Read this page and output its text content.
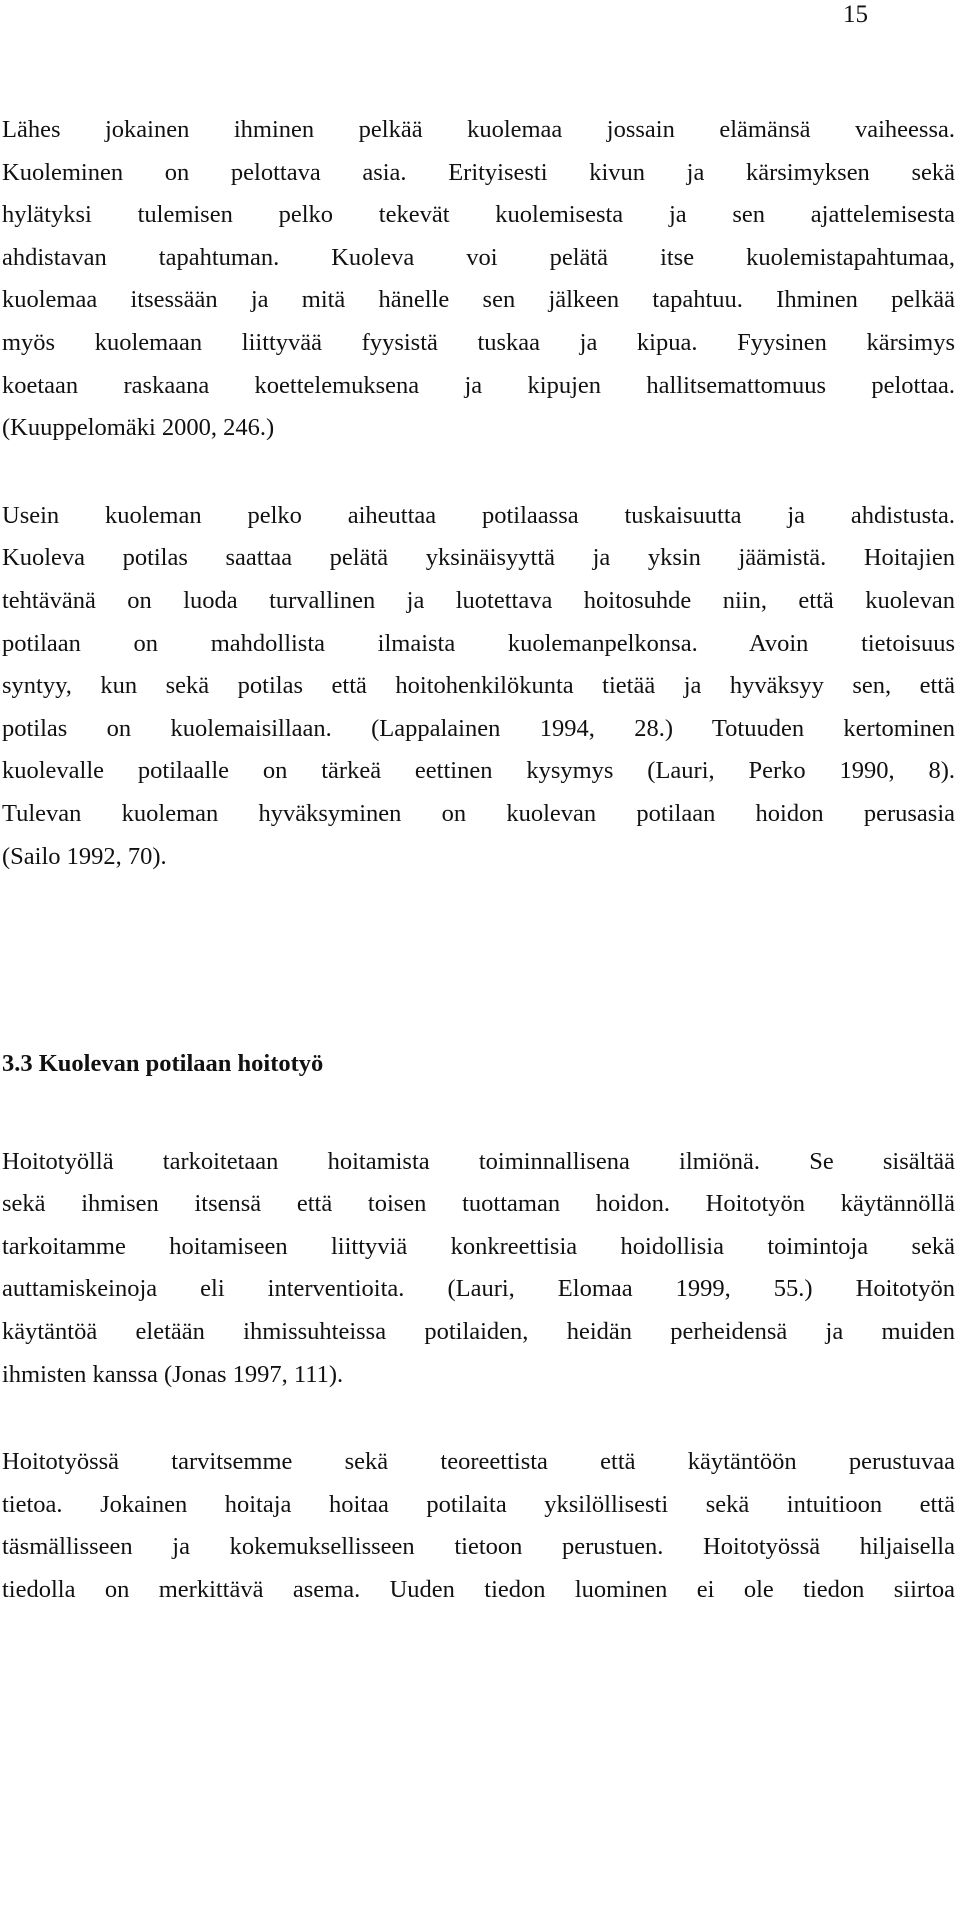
15

Lähes jokainen ihminen pelkää kuolemaa jossain elämänsä vaiheessa.
Kuoleminen on pelottava asia. Erityisesti kivun ja kärsimyksen sekä
hylätyksi tulemisen pelko tekevät kuolemisesta ja sen ajattelemisesta
ahdistavan tapahtuman. Kuoleva voi pelätä itse kuolemistapahtumaa,
kuolemaa itsessään ja mitä hänelle sen jälkeen tapahtuu. Ihminen pelkää
myös kuolemaan liittyvää fyysistä tuskaa ja kipua. Fyysinen kärsimys
koetaan raskaana koettelemuksena ja kipujen hallitsemattomuus pelottaa.
(Kuuppelomäki 2000, 246.)

Usein kuoleman pelko aiheuttaa potilaassa tuskaisuutta ja ahdistusta.
Kuoleva potilas saattaa pelätä yksinäisyyttä ja yksin jäämistä. Hoitajien
tehtävänä on luoda turvallinen ja luotettava hoitosuhde niin, että kuolevan
potilaan on mahdollista ilmaista kuolemanpelkonsa. Avoin tietoisuus
syntyy, kun sekä potilas että hoitohenkilökunta tietää ja hyväksyy sen, että
potilas on kuolemaisillaan. (Lappalainen 1994, 28.) Totuuden kertominen
kuolevalle potilaalle on tärkeä eettinen kysymys (Lauri, Perko 1990, 8).
Tulevan kuoleman hyväksyminen on kuolevan potilaan hoidon perusasia
(Sailo 1992, 70).

3.3 Kuolevan potilaan hoitotyö

Hoitotyöllä tarkoitetaan hoitamista toiminnallisena ilmiönä. Se sisältää
sekä ihmisen itsensä että toisen tuottaman hoidon. Hoitotyön käytännöllä
tarkoitamme hoitamiseen liittyviä konkreettisia hoidollisia toimintoja sekä
auttamiskeinoja eli interventioita. (Lauri, Elomaa 1999, 55.) Hoitotyön
käytäntöä eletään ihmissuhteissa potilaiden, heidän perheidensä ja muiden
ihmisten kanssa (Jonas 1997, 111).

Hoitotyössä tarvitsemme sekä teoreettista että käytäntöön perustuvaa
tietoa. Jokainen hoitaja hoitaa potilaita yksilöllisesti sekä intuitioon että
täsmällisseen ja kokemuksellisseen tietoon perustuen. Hoitotyössä hiljaisella
tiedolla on merkittävä asema. Uuden tiedon luominen ei ole tiedon siirtoa
